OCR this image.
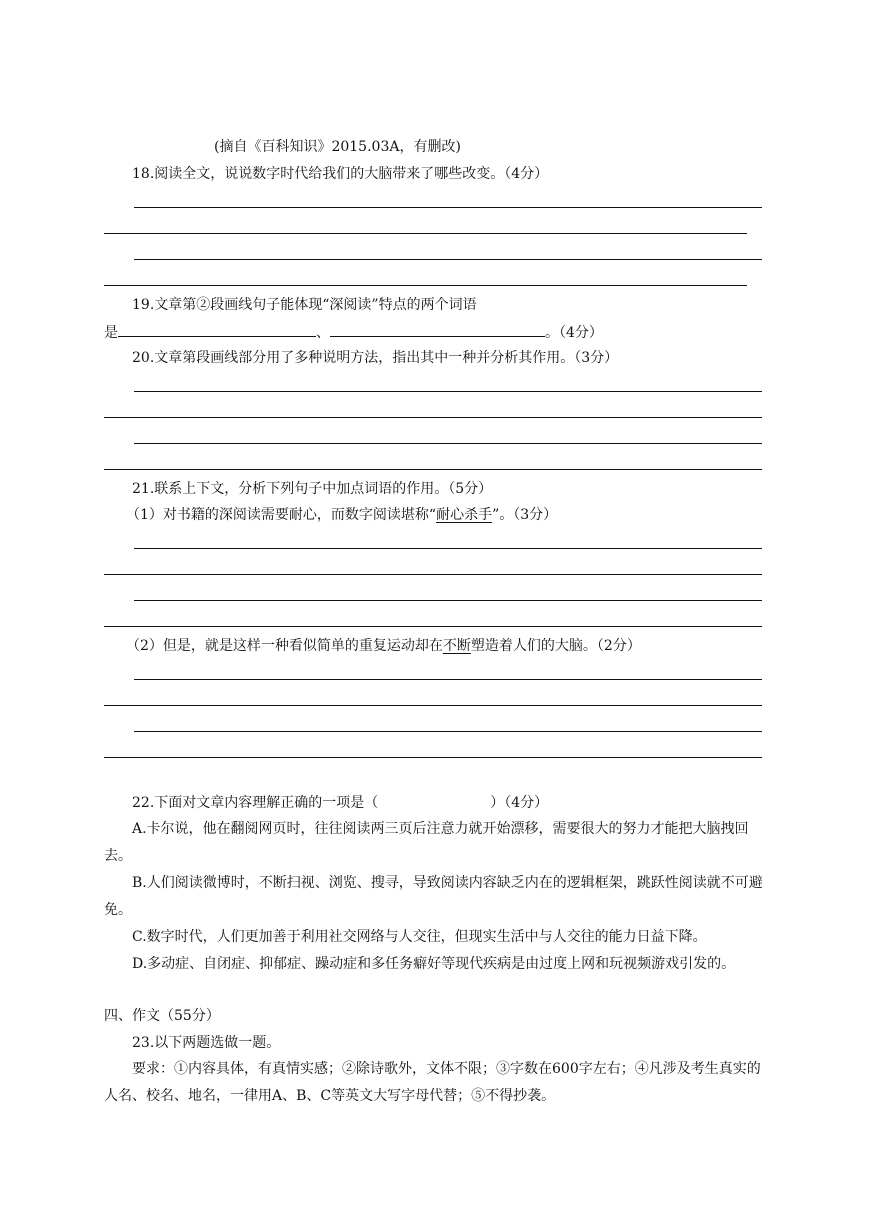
(摘自《百科知识》2015.03A，有删改)
18.阅读全文，说说数字时代给我们的大脑带来了哪些改变。（4分）
19.文章第②段画线句子能体现“深阅读”特点的两个词语
是	、	。（4分）
20.文章第段画线部分用了多种说明方法，指出其中一种并分析其作用。（3分）
21.联系上下文，分析下列句子中加点词语的作用。（5分）
（1）对书籍的深阅读需要耐心，而数字阅读堪称“耐心杀手”。（3分）
（2）但是，就是这样一种看似简单的重复运动却在不断塑造着人们的大脑。（2分）
22.下面对文章内容理解正确的一项是（	）（4分）
A.卡尔说，他在翻阅网页时，往往阅读两三页后注意力就开始漂移，需要很大的努力才能把大脑拽回去。
B.人们阅读微博时，不断扫视、浏览、搜寻，导致阅读内容缺乏内在的逻辑框架，跳跃性阅读就不可避免。
C.数字时代，人们更加善于利用社交网络与人交往，但现实生活中与人交往的能力日益下降。
D.多动症、自闭症、抑郁症、躁动症和多任务癖好等现代疾病是由过度上网和玩视频游戏引发的。
四、作文（55分）
23.以下两题选做一题。
要求：①内容具体，有真情实感；②除诗歌外，文体不限；③字数在600字左右；④凡涉及考生真实的人名、校名、地名，一律用A、B、C等英文大写字母代替；⑤不得抄袭。
